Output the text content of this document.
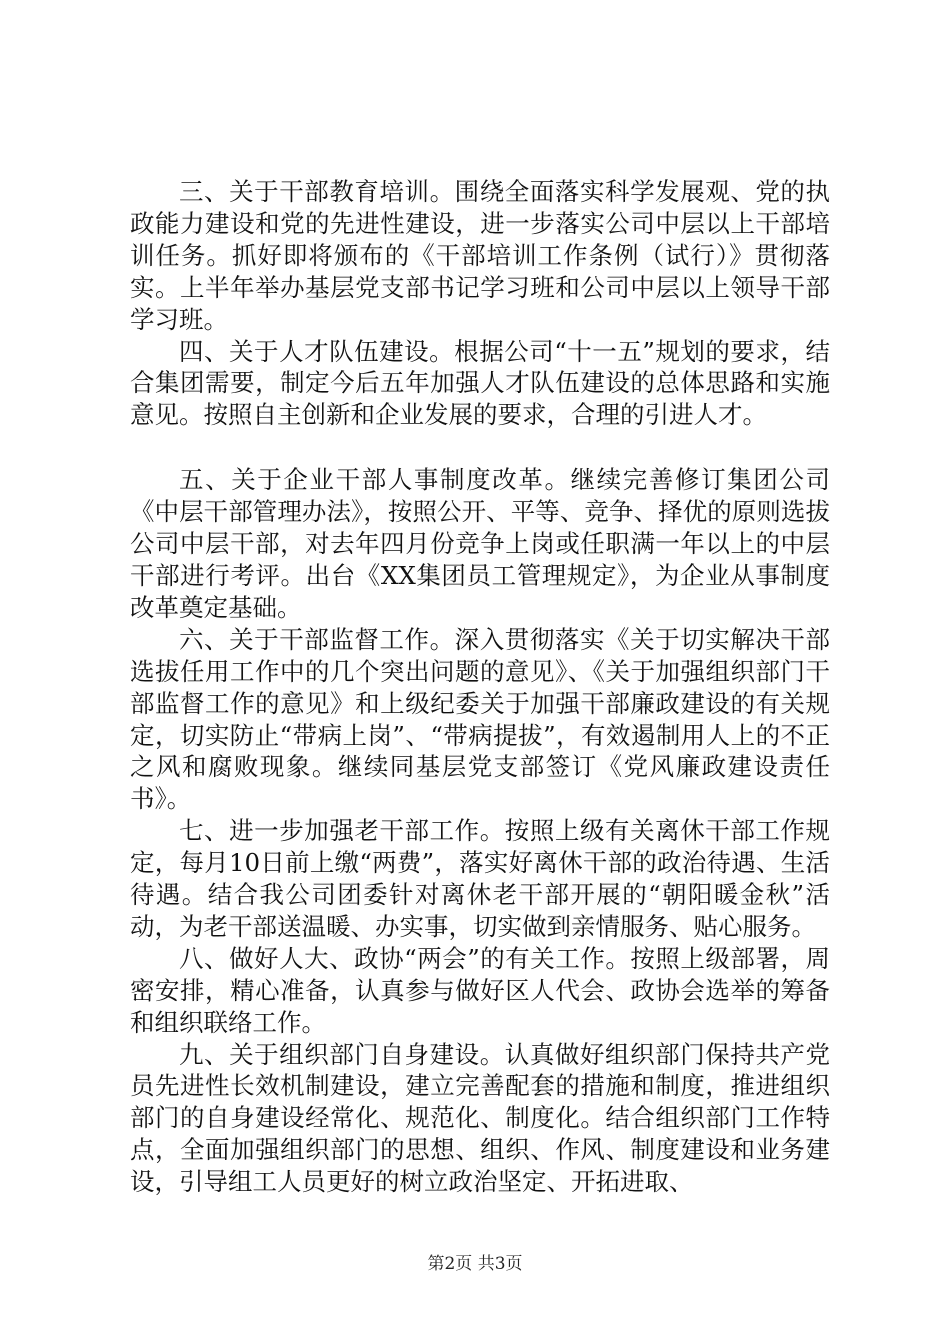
三、关于干部教育培训。围绕全面落实科学发展观、党的执政能力建设和党的先进性建设，进一步落实公司中层以上干部培训任务。抓好即将颁布的《干部培训工作条例（试行）》贯彻落实。上半年举办基层党支部书记学习班和公司中层以上领导干部学习班。

四、关于人才队伍建设。根据公司“十一五”规划的要求，结合集团需要，制定今后五年加强人才队伍建设的总体思路和实施意见。按照自主创新和企业发展的要求，合理的引进人才。

五、关于企业干部人事制度改革。继续完善修订集团公司《中层干部管理办法》，按照公开、平等、竞争、择优的原则选拔公司中层干部，对去年四月份竞争上岗或任职满一年以上的中层干部进行考评。出台《XX集团员工管理规定》，为企业从事制度改革奠定基础。

六、关于干部监督工作。深入贯彻落实《关于切实解决干部选拔任用工作中的几个突出问题的意见》、《关于加强组织部门干部监督工作的意见》和上级纪委关于加强干部廉政建设的有关规定，切实防止“带病上岗”、“带病提拔”，有效遏制用人上的不正之风和腐败现象。继续同基层党支部签订《党风廉政建设责任书》。

七、进一步加强老干部工作。按照上级有关离休干部工作规定，每月10日前上缴“两费”，落实好离休干部的政治待遇、生活待遇。结合我公司团委针对离休老干部开展的“朝阳暖金秋”活动，为老干部送温暖、办实事，切实做到亲情服务、贴心服务。

八、做好人大、政协“两会”的有关工作。按照上级部署，周密安排，精心准备，认真参与做好区人代会、政协会选举的筹备和组织联络工作。

九、关于组织部门自身建设。认真做好组织部门保持共产党员先进性长效机制建设，建立完善配套的措施和制度，推进组织部门的自身建设经常化、规范化、制度化。结合组织部门工作特点，全面加强组织部门的思想、组织、作风、制度建设和业务建设，引导组工人员更好的树立政治坚定、开拓进取、

第2页 共3页
